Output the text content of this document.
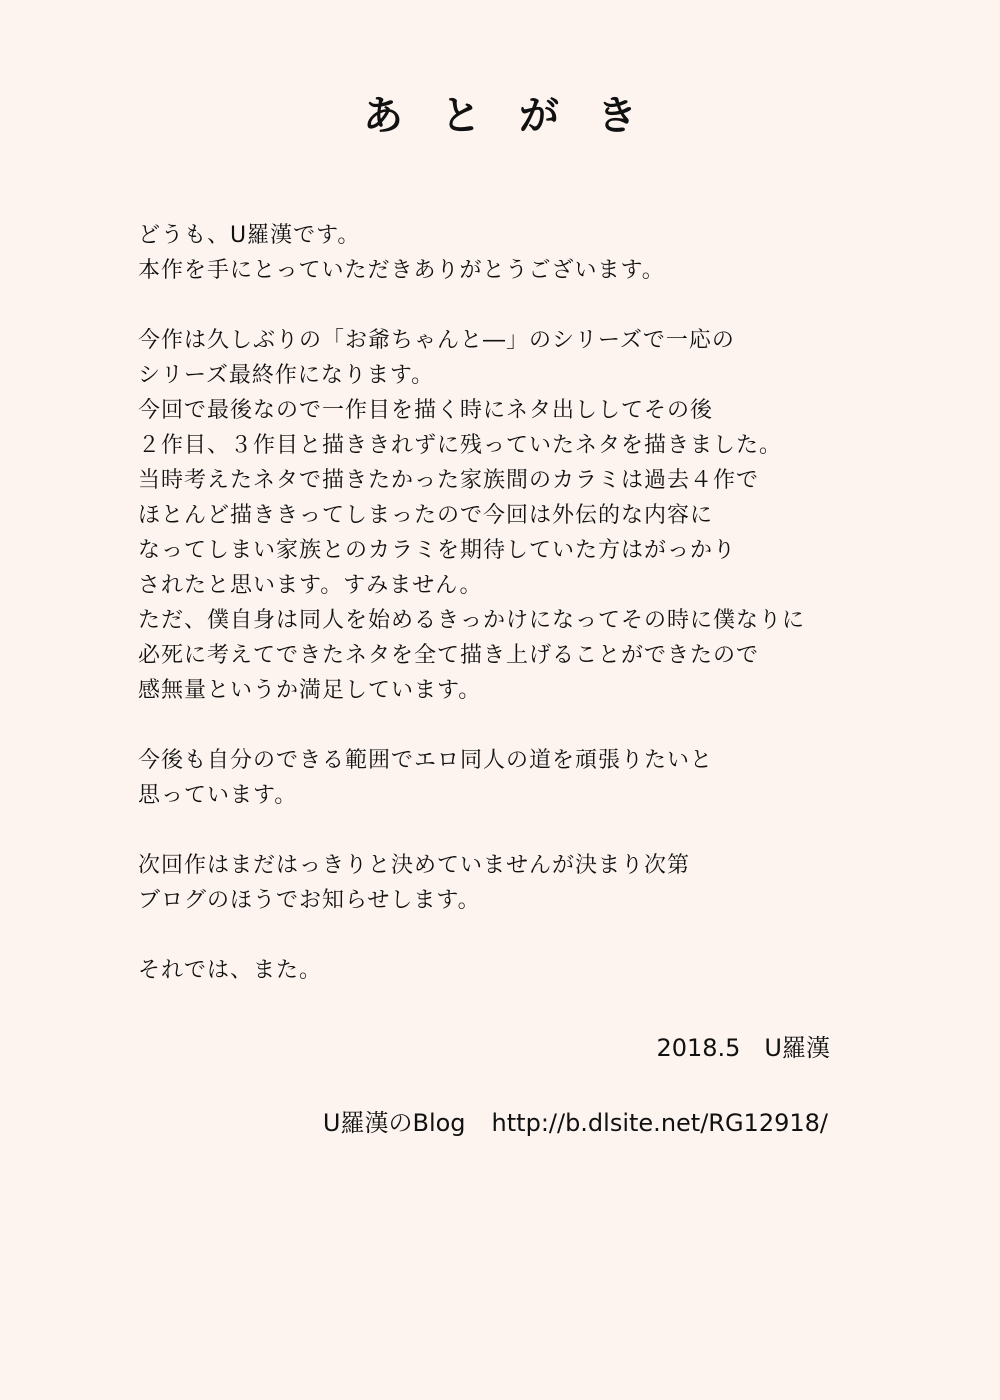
あとがき
どうも、U羅漢です。
本作を手にとっていただきありがとうございます。
今作は久しぶりの「お爺ちゃんと―」のシリーズで一応の
シリーズ最終作になります。
今回で最後なので一作目を描く時にネタ出ししてその後
２作目、３作目と描ききれずに残っていたネタを描きました。
当時考えたネタで描きたかった家族間のカラミは過去４作で
ほとんど描ききってしまったので今回は外伝的な内容に
なってしまい家族とのカラミを期待していた方はがっかり
されたと思います。すみません。
ただ、僕自身は同人を始めるきっかけになってその時に僕なりに
必死に考えてできたネタを全て描き上げることができたので
感無量というか満足しています。
今後も自分のできる範囲でエロ同人の道を頑張りたいと
思っています。
次回作はまだはっきりと決めていませんが決まり次第
ブログのほうでお知らせします。
それでは、また。
2018.5　U羅漢
U羅漢のBlog http://b.dlsite.net/RG12918/
